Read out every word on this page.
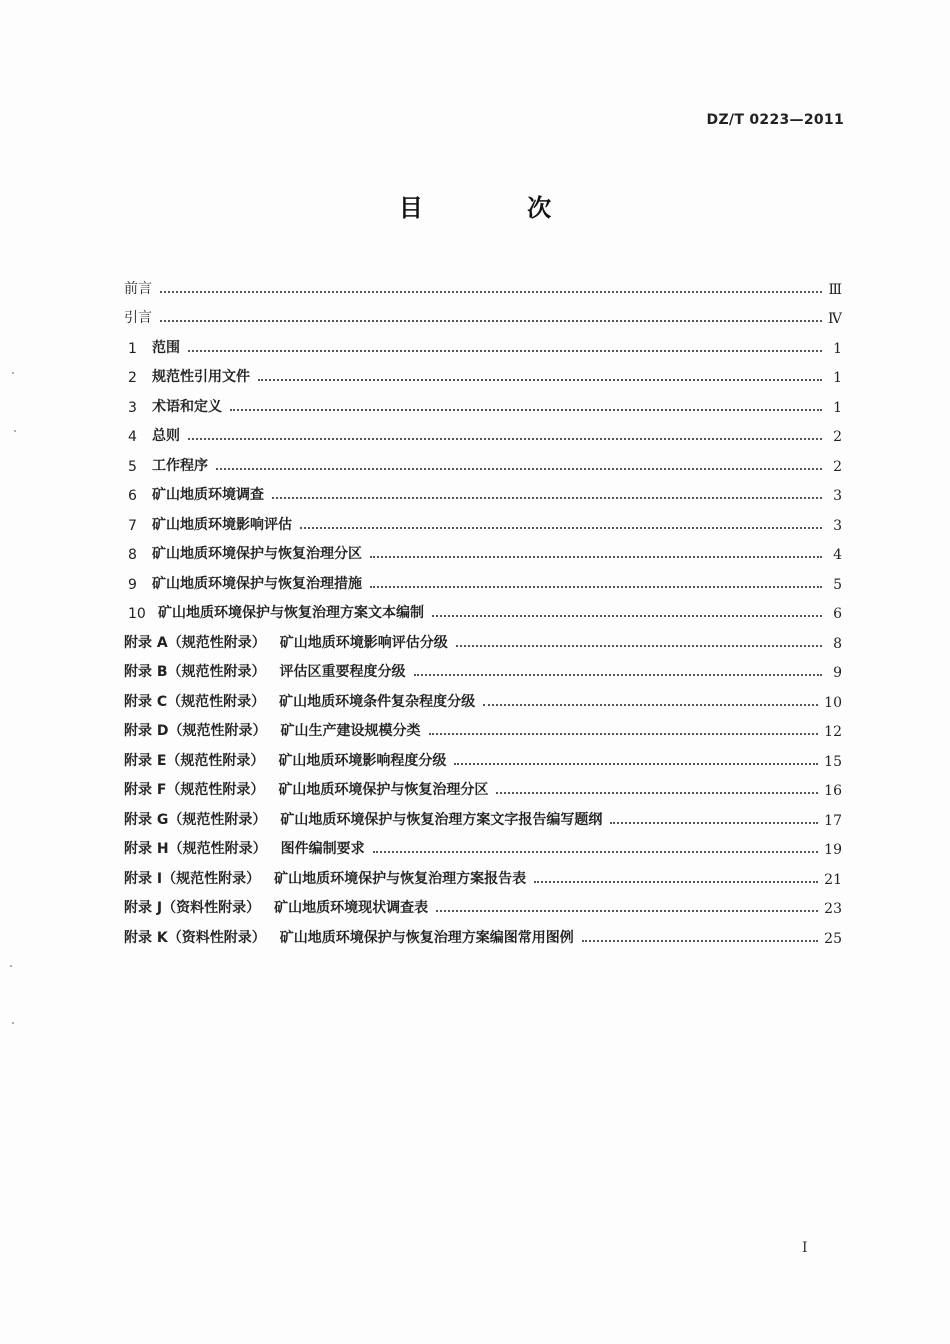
DZ/T 0223—2011
目 次
前言	Ⅲ
引言	Ⅳ
1	范围	1
2	规范性引用文件	1
3	术语和定义	1
4	总则	2
5	工作程序	2
6	矿山地质环境调查	3
7	矿山地质环境影响评估	3
8	矿山地质环境保护与恢复治理分区	4
9	矿山地质环境保护与恢复治理措施	5
10 矿山地质环境保护与恢复治理方案文本编制	6
附录 A（规范性附录） 矿山地质环境影响评估分级	8
附录 B（规范性附录） 评估区重要程度分级	9
附录 C（规范性附录） 矿山地质环境条件复杂程度分级	10
附录 D（规范性附录） 矿山生产建设规模分类	12
附录 E（规范性附录） 矿山地质环境影响程度分级	15
附录 F（规范性附录） 矿山地质环境保护与恢复治理分区	16
附录 G（规范性附录） 矿山地质环境保护与恢复治理方案文字报告编写题纲	17
附录 H（规范性附录） 图件编制要求	19
附录 I（规范性附录） 矿山地质环境保护与恢复治理方案报告表	21
附录 J（资料性附录） 矿山地质环境现状调查表	23
附录 K（资料性附录） 矿山地质环境保护与恢复治理方案编图常用图例	25
I
